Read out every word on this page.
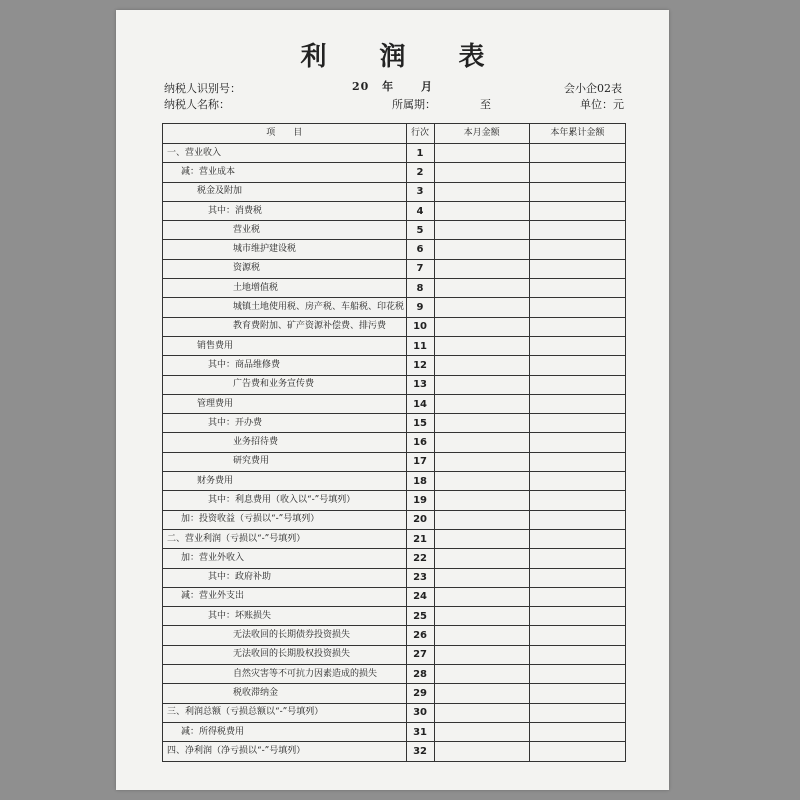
利 润 表
20 年 月
纳税人识别号：
纳税人名称：	所属期：	至
会小企02表
单位：元
项　　目	行次	本月金额	本年累计金额
一、营业收入	1		
减：营业成本	2		
税金及附加	3		
其中：消费税	4		
营业税	5		
城市维护建设税	6		
资源税	7		
土地增值税	8		
城镇土地使用税、房产税、车船税、印花税	9		
教育费附加、矿产资源补偿费、排污费	10		
销售费用	11		
其中：商品维修费	12		
广告费和业务宣传费	13		
管理费用	14		
其中：开办费	15		
业务招待费	16		
研究费用	17		
财务费用	18		
其中：利息费用（收入以“-”号填列）	19		
加：投资收益（亏损以“-”号填列）	20		
二、营业利润（亏损以“-”号填列）	21		
加：营业外收入	22		
其中：政府补助	23		
减：营业外支出	24		
其中：坏账损失	25		
无法收回的长期债券投资损失	26		
无法收回的长期股权投资损失	27		
自然灾害等不可抗力因素造成的损失	28		
税收滞纳金	29		
三、利润总额（亏损总额以“-”号填列）	30		
减：所得税费用	31		
四、净利润（净亏损以“-”号填列）	32		
